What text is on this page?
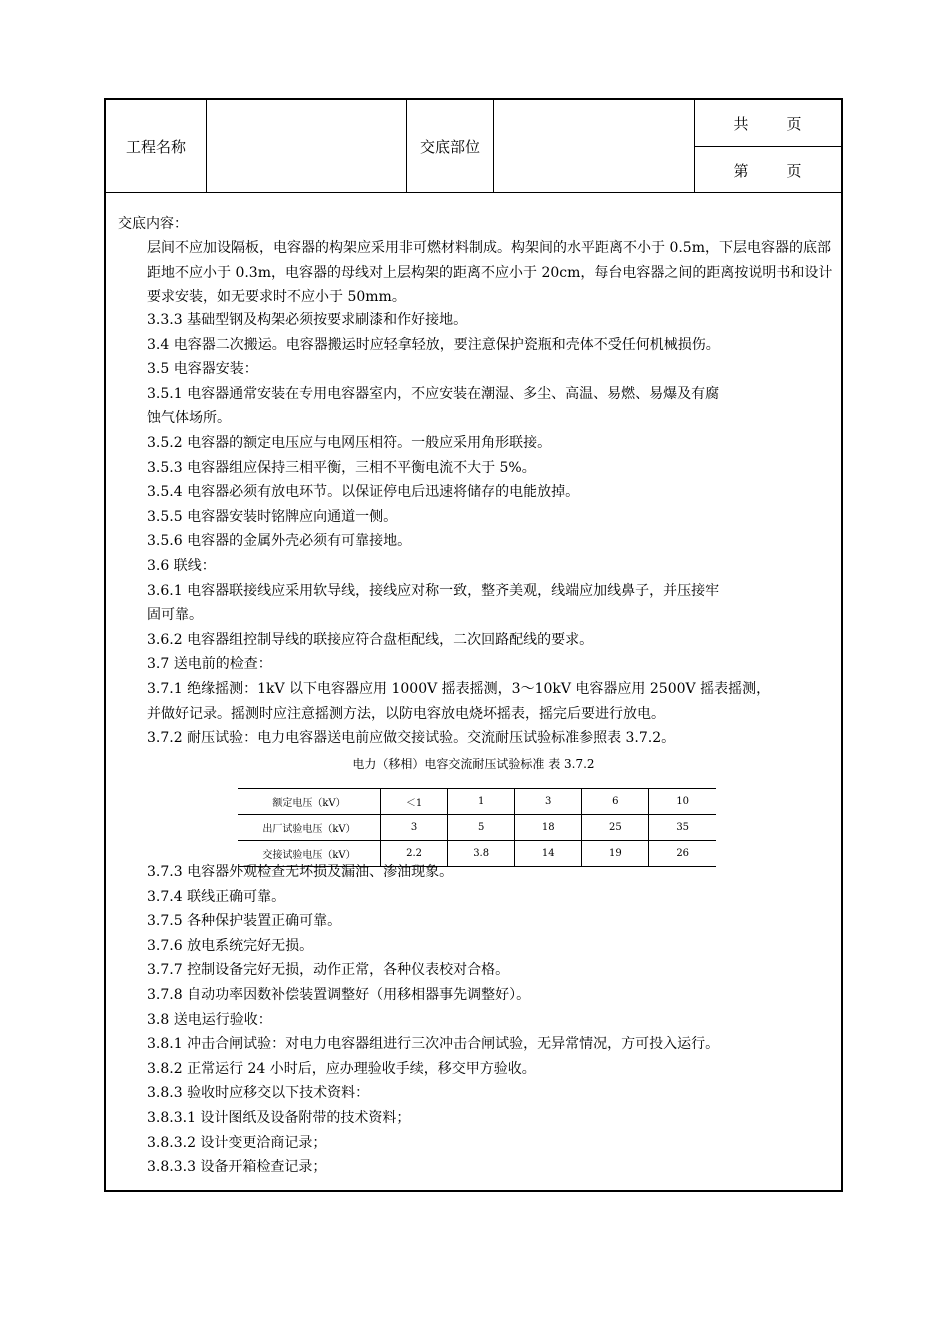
工程名称	交底部位
共	页
第	页
交底内容：
层间不应加设隔板，电容器的构架应采用非可燃材料制成。构架间的水平距离不小于 0.5m，下层电容器的底部距地不应小于 0.3m，电容器的母线对上层构架的距离不应小于 20cm，每台电容器之间的距离按说明书和设计要求安装，如无要求时不应小于 50mm。
3.3.3 基础型钢及构架必须按要求刷漆和作好接地。
3.4 电容器二次搬运。电容器搬运时应轻拿轻放，要注意保护瓷瓶和壳体不受任何机械损伤。
3.5 电容器安装：
3.5.1 电容器通常安装在专用电容器室内，不应安装在潮湿、多尘、高温、易燃、易爆及有腐
蚀气体场所。
3.5.2 电容器的额定电压应与电网压相符。一般应采用角形联接。
3.5.3 电容器组应保持三相平衡，三相不平衡电流不大于 5%。
3.5.4 电容器必须有放电环节。以保证停电后迅速将储存的电能放掉。
3.5.5 电容器安装时铭牌应向通道一侧。
3.5.6 电容器的金属外壳必须有可靠接地。
3.6 联线：
3.6.1 电容器联接线应采用软导线，接线应对称一致，整齐美观，线端应加线鼻子，并压接牢
固可靠。
3.6.2 电容器组控制导线的联接应符合盘柜配线，二次回路配线的要求。
3.7 送电前的检查：
3.7.1 绝缘摇测：1kV 以下电容器应用 1000V 摇表摇测，3～10kV 电容器应用 2500V 摇表摇测，
并做好记录。摇测时应注意摇测方法，以防电容放电烧坏摇表，摇完后要进行放电。
3.7.2 耐压试验：电力电容器送电前应做交接试验。交流耐压试验标准参照表 3.7.2。
电力（移相）电容交流耐压试验标准 表 3.7.2
额定电压（kV）	＜1	1	3	6	10
出厂试验电压（kV）	3	5	18	25	35
交接试验电压（kV）	2.2	3.8	14	19	26
3.7.3 电容器外观检查无坏损及漏油、渗油现象。
3.7.4 联线正确可靠。
3.7.5 各种保护装置正确可靠。
3.7.6 放电系统完好无损。
3.7.7 控制设备完好无损，动作正常，各种仪表校对合格。
3.7.8 自动功率因数补偿装置调整好（用移相器事先调整好）。
3.8 送电运行验收：
3.8.1 冲击合闸试验：对电力电容器组进行三次冲击合闸试验，无异常情况，方可投入运行。
3.8.2 正常运行 24 小时后，应办理验收手续，移交甲方验收。
3.8.3 验收时应移交以下技术资料：
3.8.3.1 设计图纸及设备附带的技术资料；
3.8.3.2 设计变更洽商记录；
3.8.3.3 设备开箱检查记录；
